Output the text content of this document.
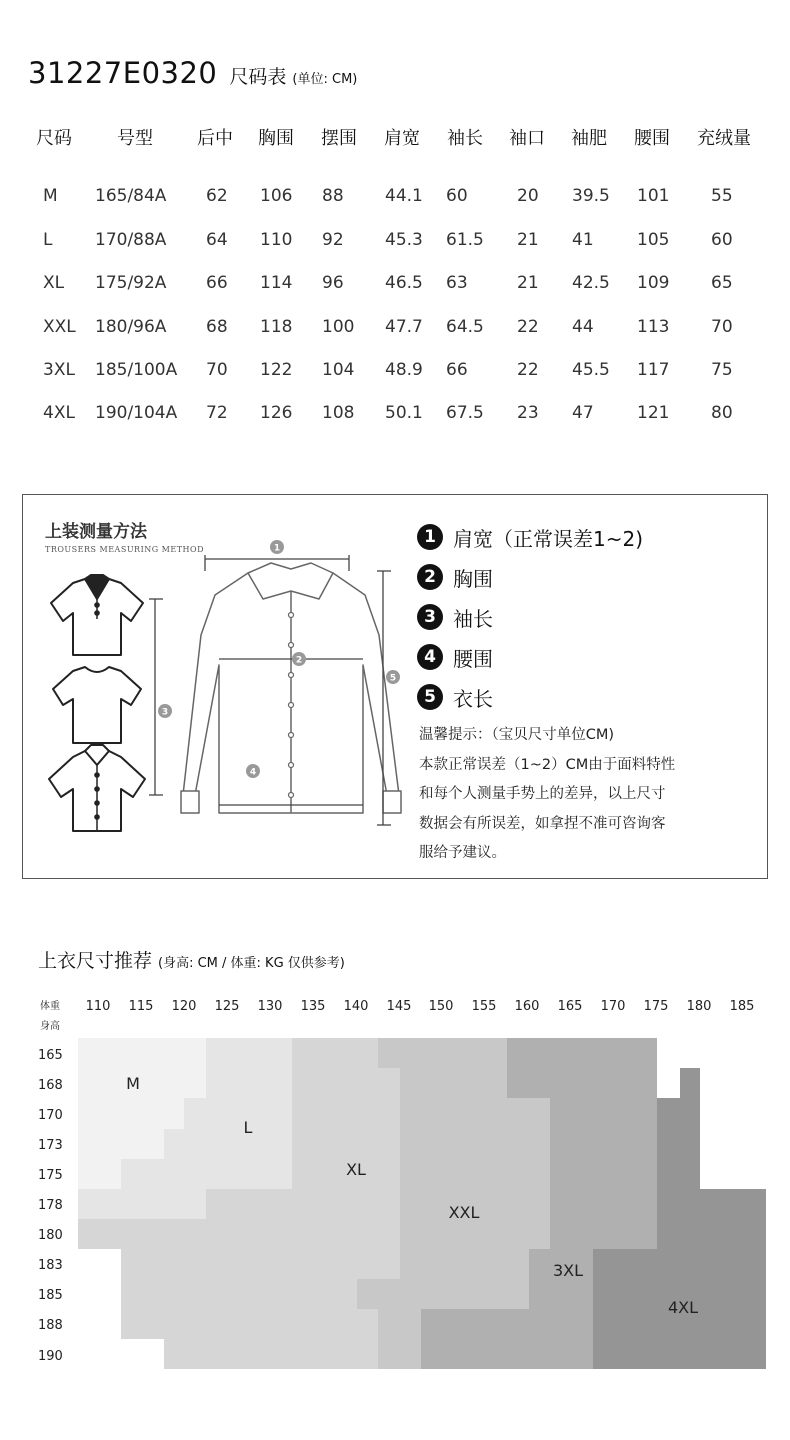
31227E0320 尺码表 (单位: CM)
尺码	号型 后中 胸围 摆围 肩宽 袖长 袖口 袖肥 腰围 充绒量
M 165/84A 62 106 88 44.1 60	20 39.5 101 55
L	170/88A 64 110 92 45.3 61.5 21 41	105 60
XL 175/92A 66 114 96 46.5 63	21 42.5 109 65
XXL 180/96A 68 118 100 47.7 64.5 22 44	113 70
3XL 185/100A 70 122 104 48.9 66	22 45.5 117 75
4XL 190/104A 72 126 108 50.1 67.5 23 47	121 80
上装测量方法
TROUSERS MEASURING METHOD	1
2
3
4
5
1 肩宽（正常误差1~2)
2 胸围
3 袖长
4 腰围
5 衣长
温馨提示：（宝贝尺寸单位CM)
本款正常误差（1~2）CM由于面料特性
和每个人测量手势上的差异，以上尺寸
数据会有所误差，如拿捏不准可咨询客
服给予建议。
上衣尺寸推荐 (身高: CM / 体重: KG 仅供参考)
体重
身高
110 115 120 125 130 135 140 145 150 155 160 165 170 175 180 185
165
168
170
173
175
178
180
183
185
188
190
M
L
XL
XXL
3XL
4XL
